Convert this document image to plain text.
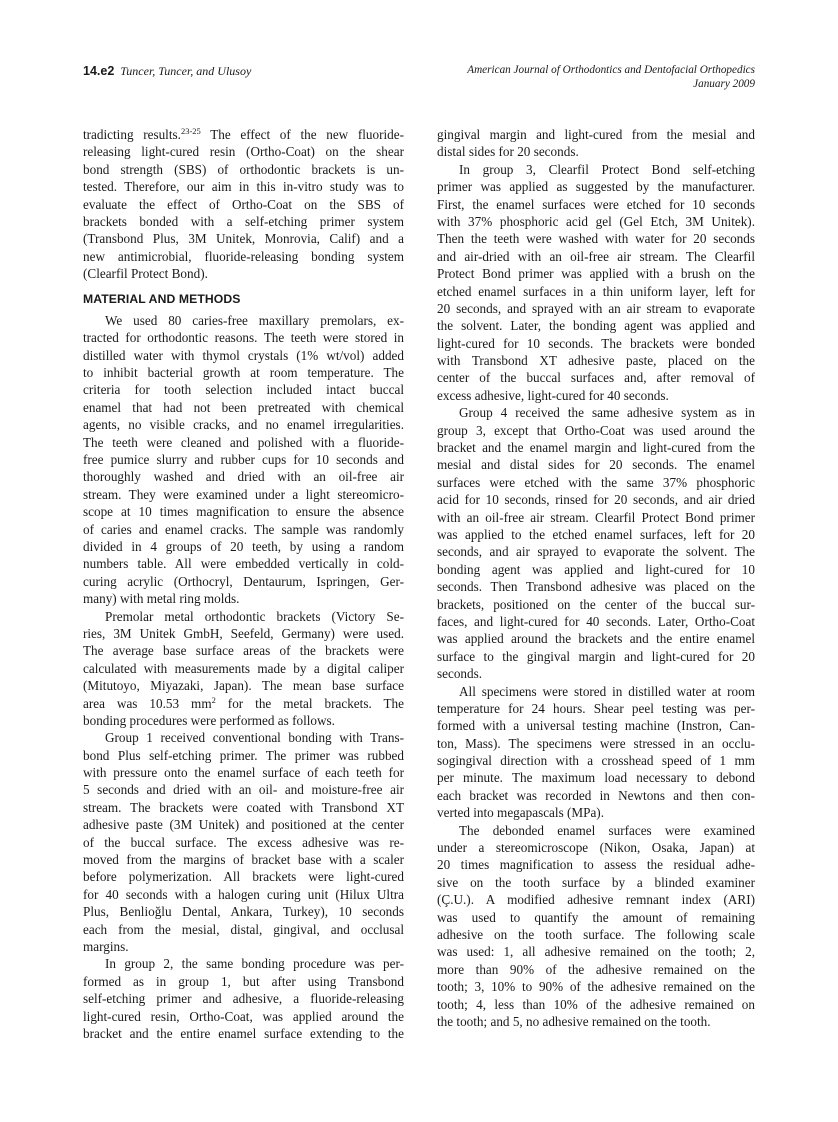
14.e2 Tuncer, Tuncer, and Ulusoy	American Journal of Orthodontics and Dentofacial Orthopedics
January 2009
tradicting results.$^{23-25}$ The effect of the new fluoride-
releasing light-cured resin (Ortho-Coat) on the shear
bond strength (SBS) of orthodontic brackets is un-
tested. Therefore, our aim in this in-vitro study was to
evaluate the effect of Ortho-Coat on the SBS of
brackets bonded with a self-etching primer system
(Transbond Plus, 3M Unitek, Monrovia, Calif) and a
new antimicrobial, fluoride-releasing bonding system
(Clearfil Protect Bond).
MATERIAL AND METHODS
We used 80 caries-free maxillary premolars, ex-
tracted for orthodontic reasons. The teeth were stored in
distilled water with thymol crystals (1% wt/vol) added
to inhibit bacterial growth at room temperature. The
criteria for tooth selection included intact buccal
enamel that had not been pretreated with chemical
agents, no visible cracks, and no enamel irregularities.
The teeth were cleaned and polished with a fluoride-
free pumice slurry and rubber cups for 10 seconds and
thoroughly washed and dried with an oil-free air
stream. They were examined under a light stereomicro-
scope at 10 times magnification to ensure the absence
of caries and enamel cracks. The sample was randomly
divided in 4 groups of 20 teeth, by using a random
numbers table. All were embedded vertically in cold-
curing acrylic (Orthocryl, Dentaurum, Ispringen, Ger-
many) with metal ring molds.
Premolar metal orthodontic brackets (Victory Se-
ries, 3M Unitek GmbH, Seefeld, Germany) were used.
The average base surface areas of the brackets were
calculated with measurements made by a digital caliper
(Mitutoyo, Miyazaki, Japan). The mean base surface
area was 10.53 $mm^2$ for the metal brackets. The
bonding procedures were performed as follows.
Group 1 received conventional bonding with Trans-
bond Plus self-etching primer. The primer was rubbed
with pressure onto the enamel surface of each teeth for
5 seconds and dried with an oil- and moisture-free air
stream. The brackets were coated with Transbond XT
adhesive paste (3M Unitek) and positioned at the center
of the buccal surface. The excess adhesive was re-
moved from the margins of bracket base with a scaler
before polymerization. All brackets were light-cured
for 40 seconds with a halogen curing unit (Hilux Ultra
Plus, Benlioğlu Dental, Ankara, Turkey), 10 seconds
each from the mesial, distal, gingival, and occlusal
margins.
In group 2, the same bonding procedure was per-
formed as in group 1, but after using Transbond
self-etching primer and adhesive, a fluoride-releasing
light-cured resin, Ortho-Coat, was applied around the
bracket and the entire enamel surface extending to the
gingival margin and light-cured from the mesial and
distal sides for 20 seconds.
In group 3, Clearfil Protect Bond self-etching
primer was applied as suggested by the manufacturer.
First, the enamel surfaces were etched for 10 seconds
with 37% phosphoric acid gel (Gel Etch, 3M Unitek).
Then the teeth were washed with water for 20 seconds
and air-dried with an oil-free air stream. The Clearfil
Protect Bond primer was applied with a brush on the
etched enamel surfaces in a thin uniform layer, left for
20 seconds, and sprayed with an air stream to evaporate
the solvent. Later, the bonding agent was applied and
light-cured for 10 seconds. The brackets were bonded
with Transbond XT adhesive paste, placed on the
center of the buccal surfaces and, after removal of
excess adhesive, light-cured for 40 seconds.
Group 4 received the same adhesive system as in
group 3, except that Ortho-Coat was used around the
bracket and the enamel margin and light-cured from the
mesial and distal sides for 20 seconds. The enamel
surfaces were etched with the same 37% phosphoric
acid for 10 seconds, rinsed for 20 seconds, and air dried
with an oil-free air stream. Clearfil Protect Bond primer
was applied to the etched enamel surfaces, left for 20
seconds, and air sprayed to evaporate the solvent. The
bonding agent was applied and light-cured for 10
seconds. Then Transbond adhesive was placed on the
brackets, positioned on the center of the buccal sur-
faces, and light-cured for 40 seconds. Later, Ortho-Coat
was applied around the brackets and the entire enamel
surface to the gingival margin and light-cured for 20
seconds.
All specimens were stored in distilled water at room
temperature for 24 hours. Shear peel testing was per-
formed with a universal testing machine (Instron, Can-
ton, Mass). The specimens were stressed in an occlu-
sogingival direction with a crosshead speed of 1 mm
per minute. The maximum load necessary to debond
each bracket was recorded in Newtons and then con-
verted into megapascals (MPa).
The debonded enamel surfaces were examined
under a stereomicroscope (Nikon, Osaka, Japan) at
20 times magnification to assess the residual adhe-
sive on the tooth surface by a blinded examiner
(Ç.U.). A modified adhesive remnant index (ARI)
was used to quantify the amount of remaining
adhesive on the tooth surface. The following scale
was used: 1, all adhesive remained on the tooth; 2,
more than 90% of the adhesive remained on the
tooth; 3, 10% to 90% of the adhesive remained on the
tooth; 4, less than 10% of the adhesive remained on
the tooth; and 5, no adhesive remained on the tooth.
